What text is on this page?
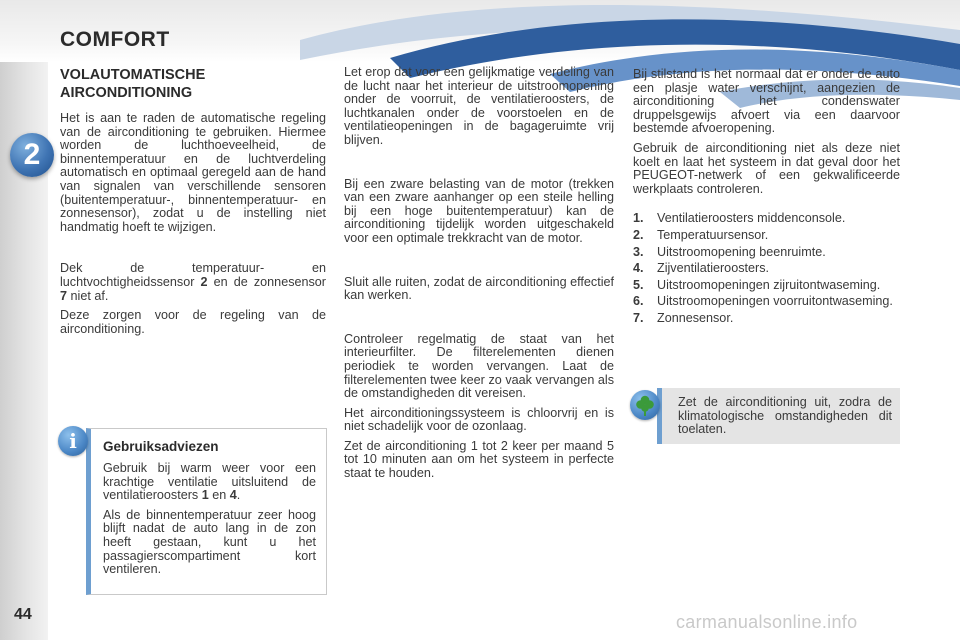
COMFORT
2
44
VOLAUTOMATISCHE
AIRCONDITIONING

Het is aan te raden de automatische regeling van de airconditioning te gebruiken. Hiermee worden de luchthoeveelheid, de binnentemperatuur en de luchtverdeling automatisch en optimaal geregeld aan de hand van signalen van verschillende sensoren (buitentemperatuur-, binnentemperatuur- en zonnesensor), zodat u de instelling niet handmatig hoeft te wijzigen.

Dek de temperatuur- en luchtvochtigheidssensor 2 en de zonnesensor 7 niet af.

Deze zorgen voor de regeling van de airconditioning.

Gebruiksadviezen

Gebruik bij warm weer voor een krachtige ventilatie uitsluitend de ventilatieroosters 1 en 4.

Als de binnentemperatuur zeer hoog blijft nadat de auto lang in de zon heeft gestaan, kunt u het passagierscompartiment kort ventileren.

i

Let erop dat voor een gelijkmatige verdeling van de lucht naar het interieur de uitstroomopening onder de voorruit, de ventilatieroosters, de luchtkanalen onder de voorstoelen en de ventilatieopeningen in de bagageruimte vrij blijven.

Bij een zware belasting van de motor (trekken van een zware aanhanger op een steile helling bij een hoge buitentemperatuur) kan de airconditioning tijdelijk worden uitgeschakeld voor een optimale trekkracht van de motor.

Sluit alle ruiten, zodat de airconditioning effectief kan werken.

Controleer regelmatig de staat van het interieurfilter. De filterelementen dienen periodiek te worden vervangen. Laat de filterelementen twee keer zo vaak vervangen als de omstandigheden dit vereisen.

Het airconditioningssysteem is chloorvrij en is niet schadelijk voor de ozonlaag.

Zet de airconditioning 1 tot 2 keer per maand 5 tot 10 minuten aan om het systeem in perfecte staat te houden.

Bij stilstand is het normaal dat er onder de auto een plasje water verschijnt, aangezien de airconditioning het condenswater druppelsgewijs afvoert via een daarvoor bestemde afvoeropening.

Gebruik de airconditioning niet als deze niet koelt en laat het systeem in dat geval door het PEUGEOT-netwerk of een gekwalificeerde werkplaats controleren.

1. Ventilatieroosters middenconsole.
2. Temperatuursensor.
3. Uitstroomopening beenruimte.
4. Zijventilatieroosters.
5. Uitstroomopeningen zijruitontwaseming.
6. Uitstroomopeningen voorruitontwaseming.
7. Zonnesensor.

Zet de airconditioning uit, zodra de klimatologische omstandigheden dit toelaten.

carmanualsonline.info
